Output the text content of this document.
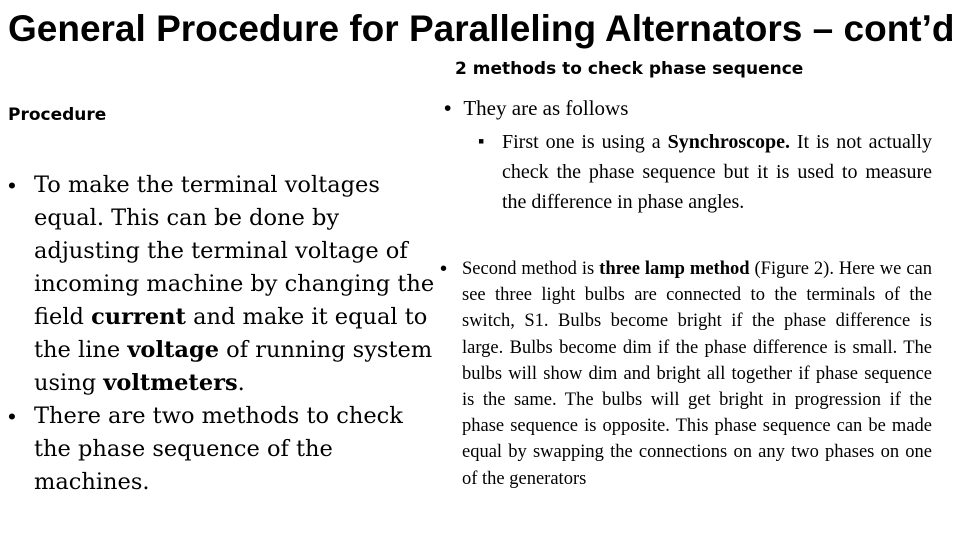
General Procedure for Paralleling Alternators – cont’d
2 methods to check phase sequence
Procedure
• To make the terminal voltages equal. This can be done by adjusting the terminal voltage of incoming machine by changing the field current and make it equal to the line voltage of running system using voltmeters.
• There are two methods to check the phase sequence of the machines.
• They are as follows
▪ First one is using a Synchroscope. It is not actually check the phase sequence but it is used to measure the difference in phase angles.
• Second method is three lamp method (Figure 2). Here we can see three light bulbs are connected to the terminals of the switch, S1. Bulbs become bright if the phase difference is large. Bulbs become dim if the phase difference is small. The bulbs will show dim and bright all together if phase sequence is the same. The bulbs will get bright in progression if the phase sequence is opposite. This phase sequence can be made equal by swapping the connections on any two phases on one of the generators
